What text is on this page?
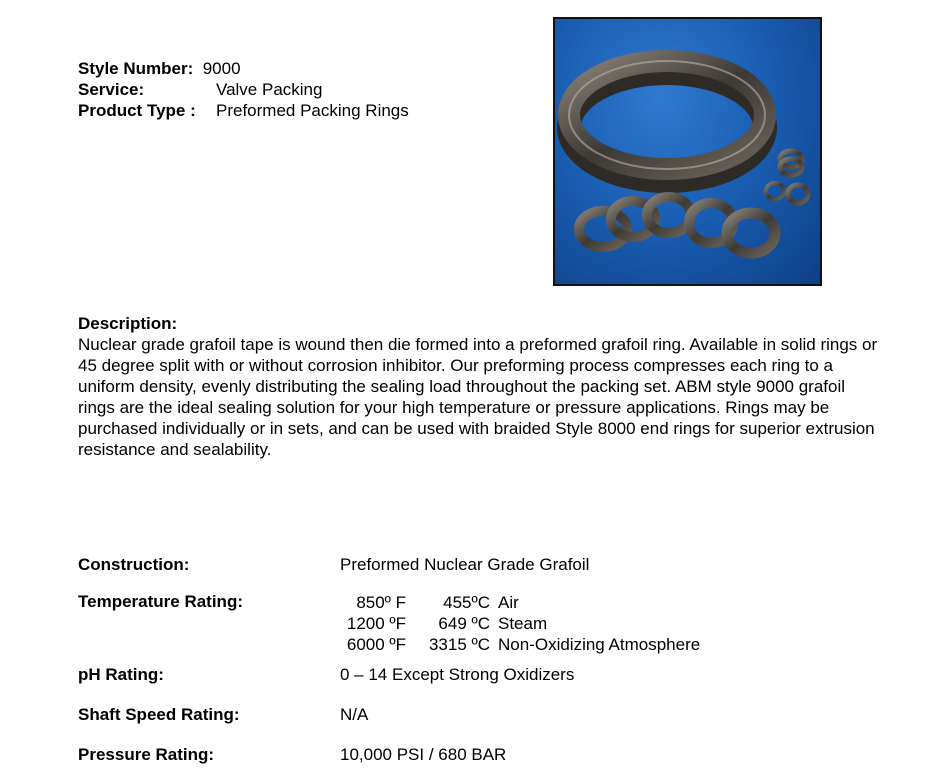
Style Number: 9000
Service:	Valve Packing
Product Type : Preformed Packing Rings
Description:
Nuclear grade grafoil tape is wound then die formed into a preformed grafoil ring. Available in solid rings or 45 degree split with or without corrosion inhibitor. Our preforming process compresses each ring to a uniform density, evenly distributing the sealing load throughout the packing set. ABM style 9000 grafoil rings are the ideal sealing solution for your high temperature or pressure applications. Rings may be purchased individually or in sets, and can be used with braided Style 8000 end rings for superior extrusion resistance and sealability.
Construction:	Preformed Nuclear Grade Grafoil
Temperature Rating:	850º F	455ºC Air
1200 ºF	649 ºC Steam
6000 ºF	3315 ºC Non-Oxidizing Atmosphere
pH Rating:	0 – 14 Except Strong Oxidizers
Shaft Speed Rating:	N/A
Pressure Rating:	10,000 PSI / 680 BAR
